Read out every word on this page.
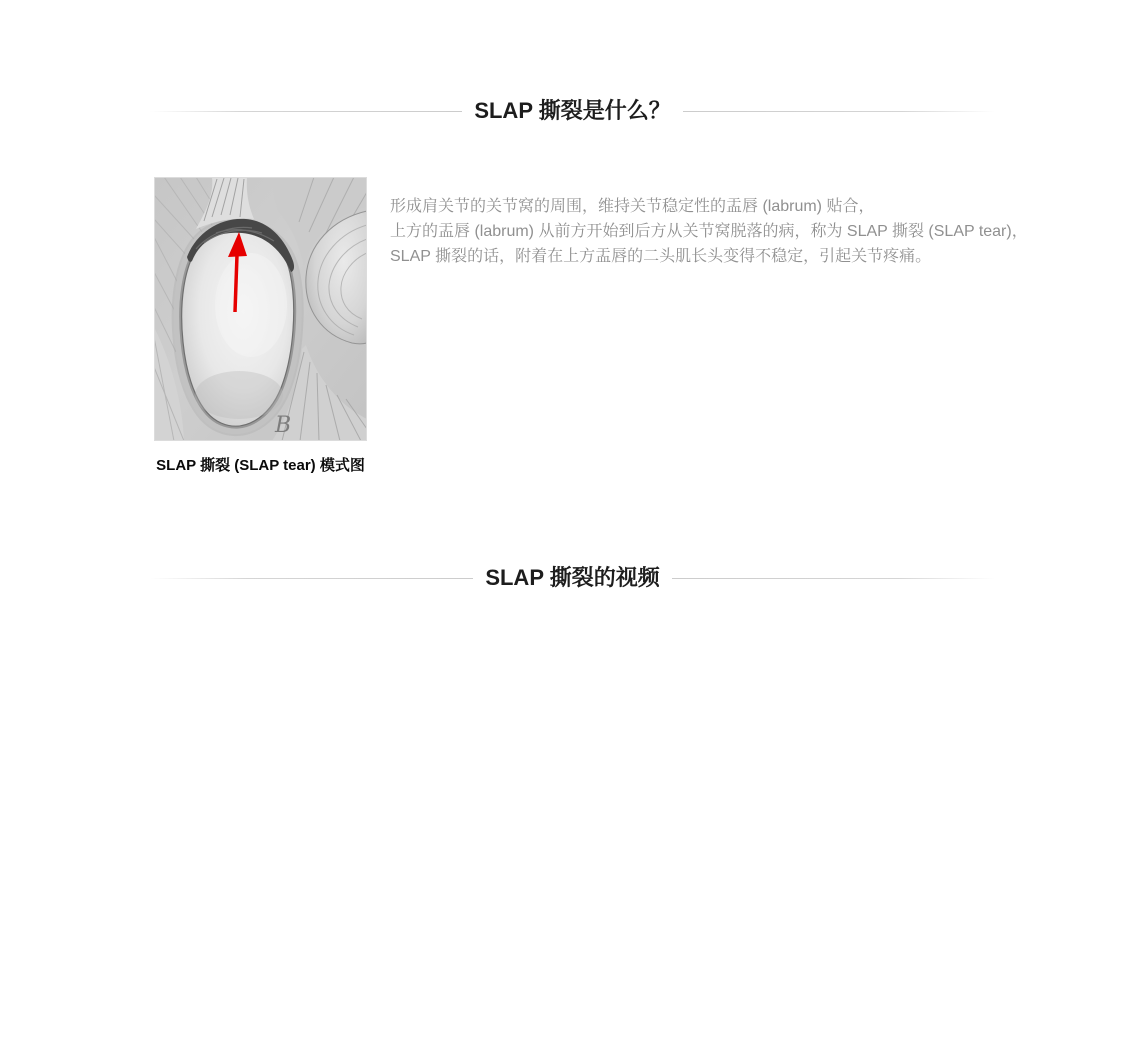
SLAP 撕裂是什么？
B
SLAP 撕裂 (SLAP tear) 模式图

形成肩关节的关节窝的周围，维持关节稳定性的盂唇 (labrum) 贴合，

上方的盂唇 (labrum) 从前方开始到后方从关节窝脱落的病，称为 SLAP 撕裂 (SLAP tear)，

SLAP 撕裂的话，附着在上方盂唇的二头肌长头变得不稳定，引起关节疼痛。

SLAP 撕裂的视频
